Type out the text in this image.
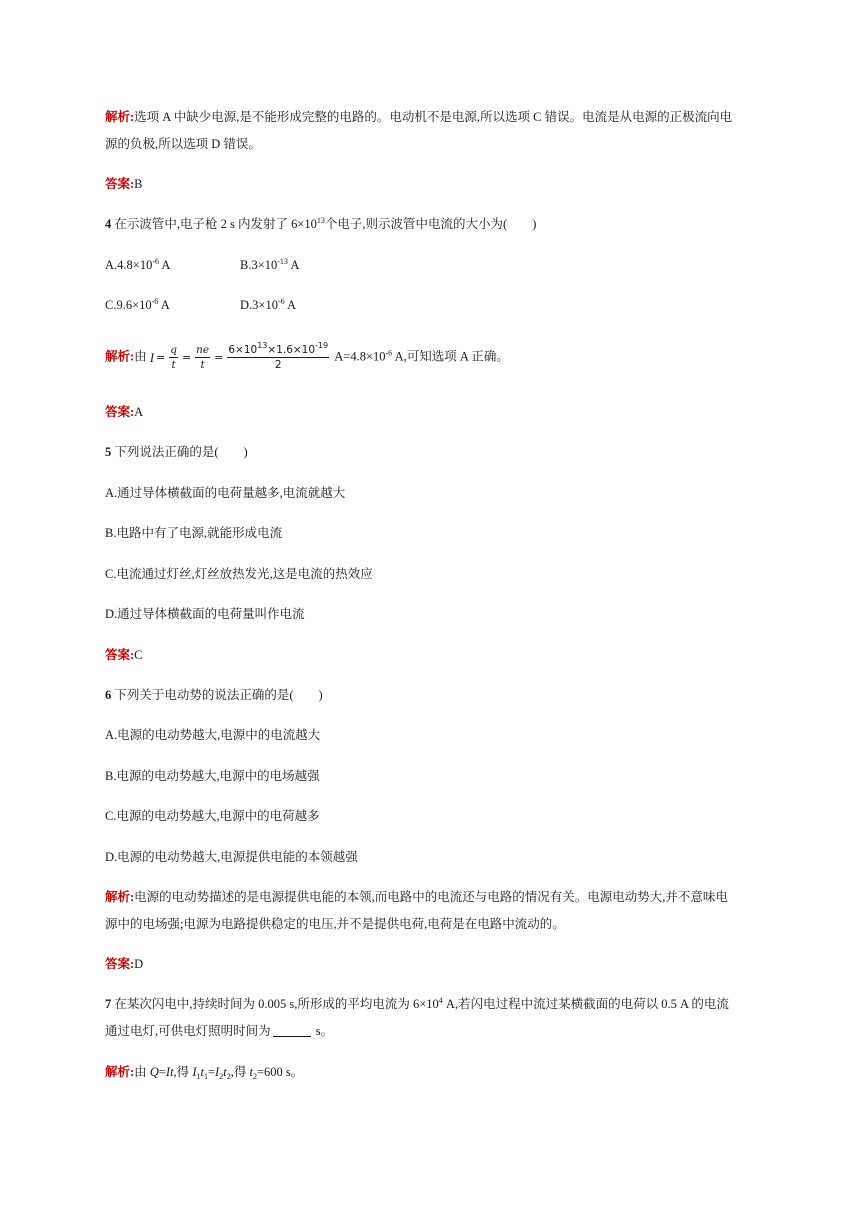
解析:选项 A 中缺少电源,是不能形成完整的电路的。电动机不是电源,所以选项 C 错误。电流是从电源的正极流向电
源的负极,所以选项 D 错误。
答案:B
4 在示波管中,电子枪 2 s 内发射了 $6\times 10^{13}$个电子,则示波管中电流的大小为(　　)
$A.4.8\times 10^{-6}$ A	$B.3\times 10^{-13}$ A
$C.9.6\times 10^{-6}$ A	$D.3\times 10^{-6}$ A
解析:由 $I = \frac{q}{t} = \frac{ne}{t} = \frac{6\times 10^{13}\times 1.6\times 10^{-19}}{2} A=4.8\times 10^{-6}$ A,可知选项 A 正确。
答案:A
5 下列说法正确的是(　　)
A.通过导体横截面的电荷量越多,电流就越大
B.电路中有了电源,就能形成电流
C.电流通过灯丝,灯丝放热发光,这是电流的热效应
D.通过导体横截面的电荷量叫作电流
答案:C
6 下列关于电动势的说法正确的是(　　)
A.电源的电动势越大,电源中的电流越大
B.电源的电动势越大,电源中的电场越强
C.电源的电动势越大,电源中的电荷越多
D.电源的电动势越大,电源提供电能的本领越强
解析:电源的电动势描述的是电源提供电能的本领,而电路中的电流还与电路的情况有关。电源电动势大,并不意味电
源中的电场强;电源为电路提供稳定的电压,并不是提供电荷,电荷是在电路中流动的。
答案:D
7 在某次闪电中,持续时间为 0.005 s,所形成的平均电流为 $6\times 10^4$ A,若闪电过程中流过某横截面的电荷以 0.5 A 的电流
通过电灯,可供电灯照明时间为	s。
解析:由 Q=It,得 $I_1t_1=I_2t_2$,得 $t_2=600$ s。
